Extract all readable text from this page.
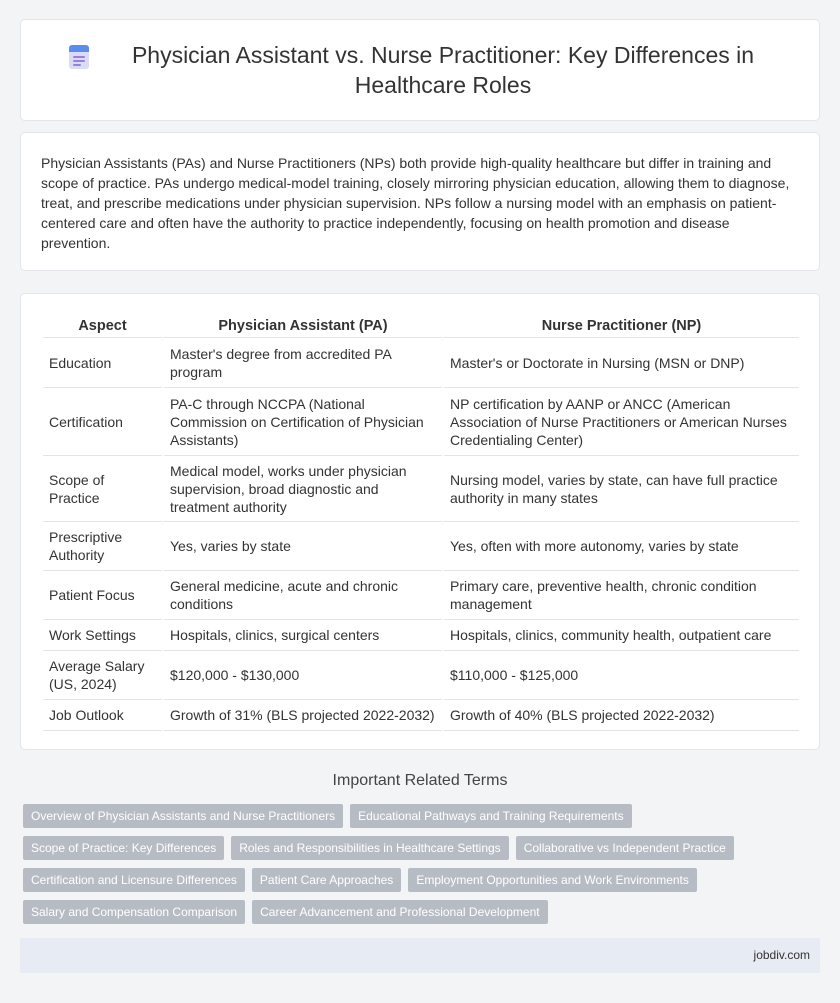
Physician Assistant vs. Nurse Practitioner: Key Differences in Healthcare Roles

Physician Assistants (PAs) and Nurse Practitioners (NPs) both provide high-quality healthcare but differ in training and scope of practice. PAs undergo medical-model training, closely mirroring physician education, allowing them to diagnose, treat, and prescribe medications under physician supervision. NPs follow a nursing model with an emphasis on patient-centered care and often have the authority to practice independently, focusing on health promotion and disease prevention.

Aspect	Physician Assistant (PA)	Nurse Practitioner (NP)
Education	Master's degree from accredited PA program	Master's or Doctorate in Nursing (MSN or DNP)
Certification	PA-C through NCCPA (National Commission on Certification of Physician Assistants)	NP certification by AANP or ANCC (American Association of Nurse Practitioners or American Nurses Credentialing Center)
Scope of Practice	Medical model, works under physician supervision, broad diagnostic and treatment authority	Nursing model, varies by state, can have full practice authority in many states
Prescriptive Authority	Yes, varies by state	Yes, often with more autonomy, varies by state
Patient Focus	General medicine, acute and chronic conditions	Primary care, preventive health, chronic condition management
Work Settings	Hospitals, clinics, surgical centers	Hospitals, clinics, community health, outpatient care
Average Salary (US, 2024)	$120,000 - $130,000	$110,000 - $125,000
Job Outlook	Growth of 31% (BLS projected 2022-2032)	Growth of 40% (BLS projected 2022-2032)
Important Related Terms
Overview of Physician Assistants and Nurse Practitioners	Educational Pathways and Training Requirements
Scope of Practice: Key Differences	Roles and Responsibilities in Healthcare Settings	Collaborative vs Independent Practice
Certification and Licensure Differences	Patient Care Approaches	Employment Opportunities and Work Environments
Salary and Compensation Comparison	Career Advancement and Professional Development
jobdiv.com
